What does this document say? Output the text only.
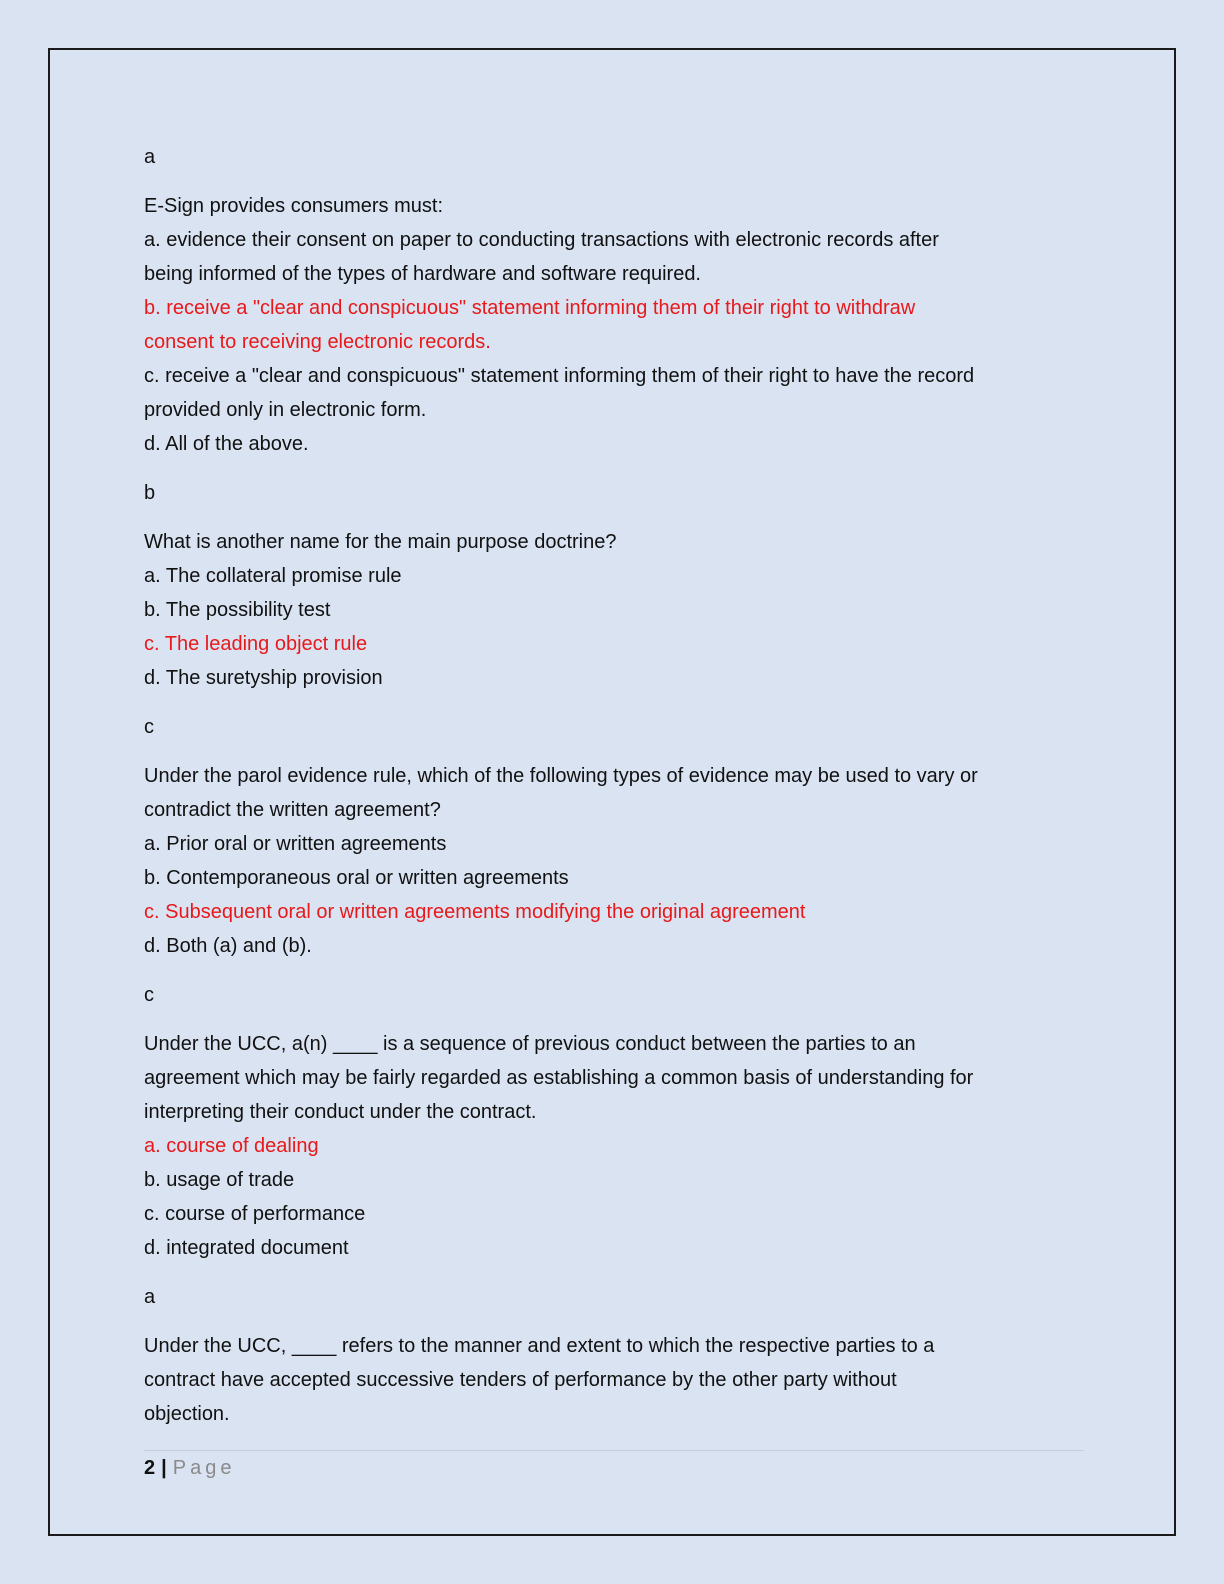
a

E-Sign provides consumers must:

a. evidence their consent on paper to conducting transactions with electronic records after

being informed of the types of hardware and software required.

b. receive a "clear and conspicuous" statement informing them of their right to withdraw

consent to receiving electronic records.

c. receive a "clear and conspicuous" statement informing them of their right to have the record

provided only in electronic form.

d. All of the above.

b

What is another name for the main purpose doctrine?

a. The collateral promise rule

b. The possibility test

c. The leading object rule

d. The suretyship provision

c

Under the parol evidence rule, which of the following types of evidence may be used to vary or

contradict the written agreement?

a. Prior oral or written agreements

b. Contemporaneous oral or written agreements

c. Subsequent oral or written agreements modifying the original agreement

d. Both (a) and (b).

c

Under the UCC, a(n) ____ is a sequence of previous conduct between the parties to an

agreement which may be fairly regarded as establishing a common basis of understanding for

interpreting their conduct under the contract.

a. course of dealing

b. usage of trade

c. course of performance

d. integrated document

a

Under the UCC, ____ refers to the manner and extent to which the respective parties to a

contract have accepted successive tenders of performance by the other party without

objection.

2 | Page
